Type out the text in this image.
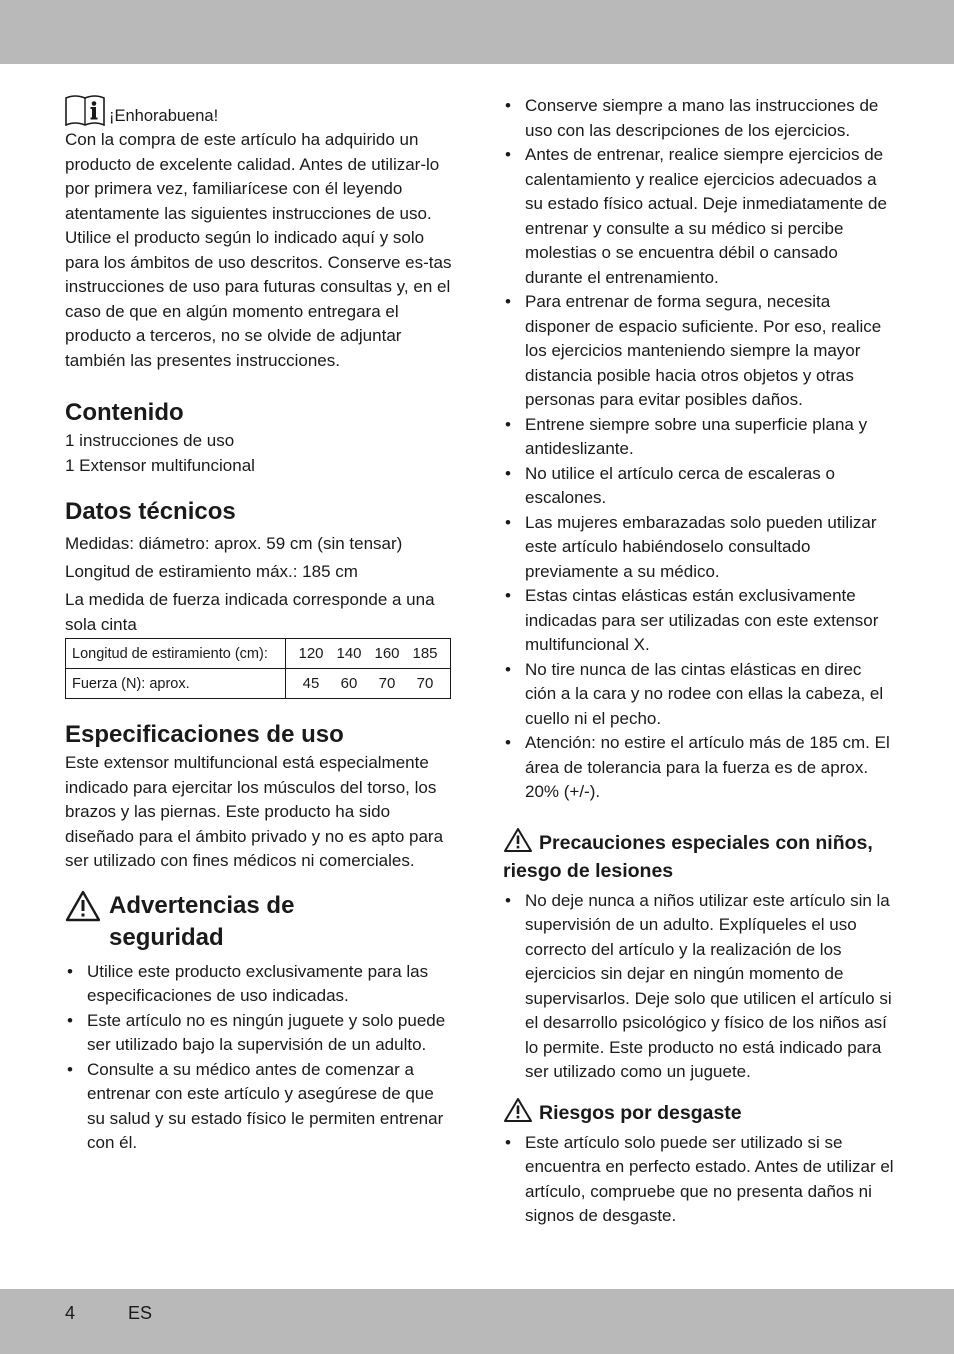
¡Enhorabuena!

Con la compra de este artículo ha adquirido un producto de excelente calidad. Antes de utilizar-lo por primera vez, familiarícese con él leyendo atentamente las siguientes instrucciones de uso. Utilice el producto según lo indicado aquí y solo para los ámbitos de uso descritos. Conserve es-tas instrucciones de uso para futuras consultas y, en el caso de que en algún momento entregara el producto a terceros, no se olvide de adjuntar también las presentes instrucciones.

Contenido
1 instrucciones de uso
1 Extensor multifuncional
Datos técnicos

Medidas: diámetro: aprox. 59 cm (sin tensar)

Longitud de estiramiento máx.: 185 cm

La medida de fuerza indicada corresponde a una sola cinta

Longitud de estiramiento (cm):	120 140 160 185
Fuerza (N): aprox.	45 60 70 70
Especificaciones de uso

Este extensor multifuncional está especialmente indicado para ejercitar los músculos del torso, los brazos y las piernas. Este producto ha sido diseñado para el ámbito privado y no es apto para ser utilizado con fines médicos ni comerciales.

Advertencias de seguridad
• Utilice este producto exclusivamente para las especificaciones de uso indicadas.
• Este artículo no es ningún juguete y solo puede ser utilizado bajo la supervisión de un adulto.
• Consulte a su médico antes de comenzar a entrenar con este artículo y asegúrese de que su salud y su estado físico le permiten entrenar con él.
• Conserve siempre a mano las instrucciones de uso con las descripciones de los ejercicios.
• Antes de entrenar, realice siempre ejercicios de calentamiento y realice ejercicios adecuados a su estado físico actual. Deje inmediatamente de entrenar y consulte a su médico si percibe molestias o se encuentra débil o cansado durante el entrenamiento.
• Para entrenar de forma segura, necesita disponer de espacio suficiente. Por eso, realice los ejercicios manteniendo siempre la mayor distancia posible hacia otros objetos y otras personas para evitar posibles daños.
• Entrene siempre sobre una superficie plana y antideslizante.
• No utilice el artículo cerca de escaleras o escalones.
• Las mujeres embarazadas solo pueden utilizar este artículo habiéndoselo consultado previamente a su médico.
• Estas cintas elásticas están exclusivamente indicadas para ser utilizadas con este extensor multifuncional X.
• No tire nunca de las cintas elásticas en direc ción a la cara y no rodee con ellas la cabeza, el cuello ni el pecho.
• Atención: no estire el artículo más de 185 cm. El área de tolerancia para la fuerza es de aprox. 20% (+/-).
Precauciones especiales con niños, riesgo de lesiones
• No deje nunca a niños utilizar este artículo sin la supervisión de un adulto. Explíqueles el uso correcto del artículo y la realización de los ejercicios sin dejar en ningún momento de supervisarlos. Deje solo que utilicen el artículo si el desarrollo psicológico y físico de los niños así lo permite. Este producto no está indicado para ser utilizado como un juguete.
Riesgos por desgaste
• Este artículo solo puede ser utilizado si se encuentra en perfecto estado. Antes de utilizar el artículo, compruebe que no presenta daños ni signos de desgaste.
4	ES
